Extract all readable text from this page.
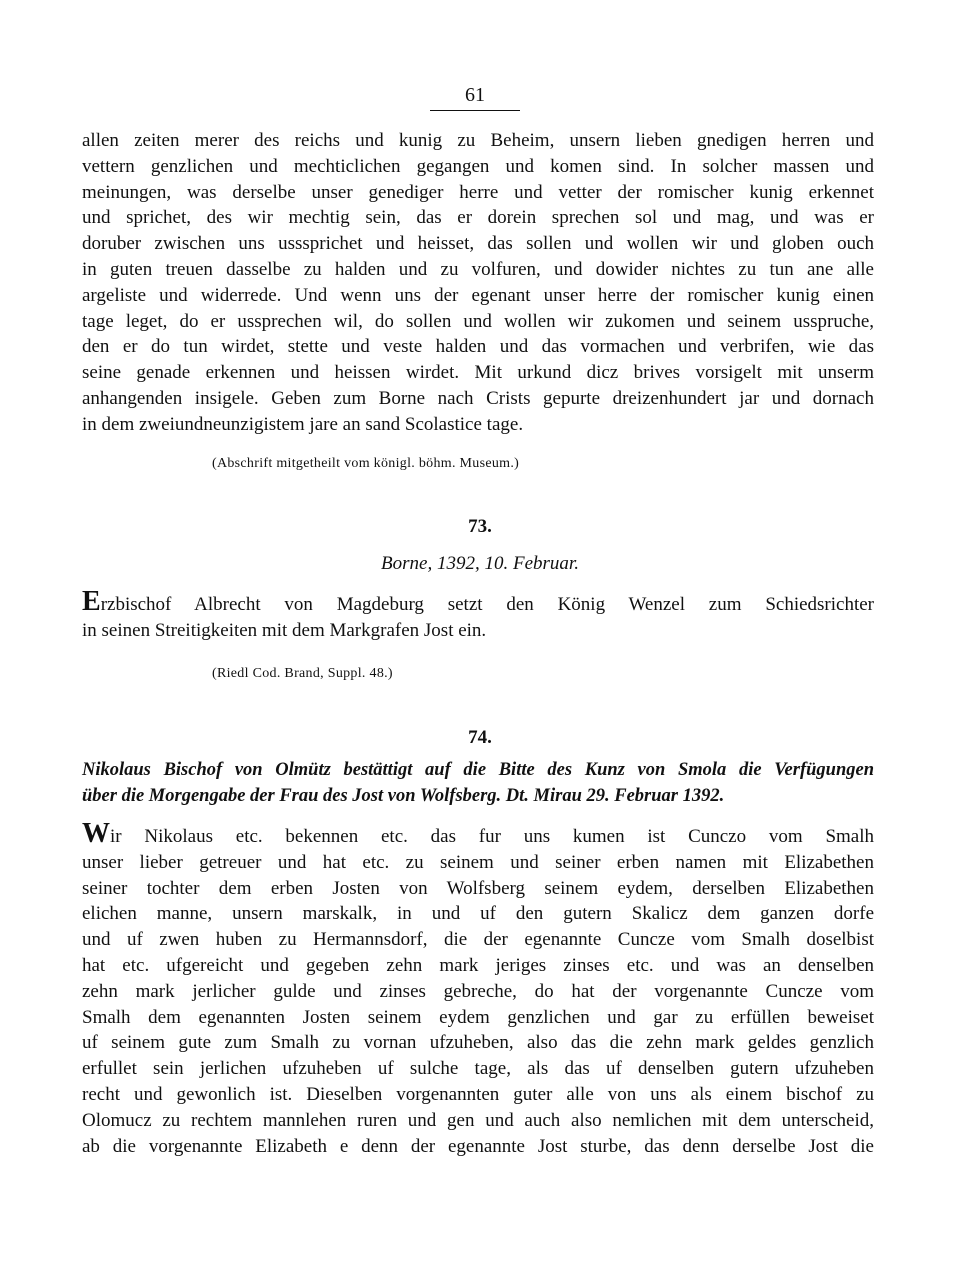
61
allen zeiten merer des reichs und kunig zu Beheim, unsern lieben gnedigen herren und
vettern genzlichen und mechticlichen gegangen und komen sind. In solcher massen und
meinungen, was derselbe unser genediger herre und vetter der romischer kunig erkennet
und sprichet, des wir mechtig sein, das er dorein sprechen sol und mag, und was er
doruber zwischen uns usssprichet und heisset, das sollen und wollen wir und globen ouch
in guten treuen dasselbe zu halden und zu volfuren, und dowider nichtes zu tun ane alle
argeliste und widerrede. Und wenn uns der egenant unser herre der romischer kunig einen
tage leget, do er ussprechen wil, do sollen und wollen wir zukomen und seinem usspruche,
den er do tun wirdet, stette und veste halden und das vormachen und verbrifen, wie das
seine genade erkennen und heissen wirdet. Mit urkund dicz brives vorsigelt mit unserm
anhangenden insigele. Geben zum Borne nach Crists gepurte dreizenhundert jar und dornach
in dem zweiundneunzigistem jare an sand Scolastice tage.
(Abschrift mitgetheilt vom königl. böhm. Museum.)
73.
Borne, 1392, 10. Februar.
Erzbischof Albrecht von Magdeburg setzt den König Wenzel zum Schiedsrichter
in seinen Streitigkeiten mit dem Markgrafen Jost ein.
(Riedl Cod. Brand, Suppl. 48.)
74.
Nikolaus Bischof von Olmütz bestättigt auf die Bitte des Kunz von Smola die Verfügungen
über die Morgengabe der Frau des Jost von Wolfsberg. Dt. Mirau 29. Februar 1392.
Wir Nikolaus etc. bekennen etc. das fur uns kumen ist Cunczo vom Smalh
unser lieber getreuer und hat etc. zu seinem und seiner erben namen mit Elizabethen
seiner tochter dem erben Josten von Wolfsberg seinem eydem, derselben Elizabethen
elichen manne, unsern marskalk, in und uf den gutern Skalicz dem ganzen dorfe
und uf zwen huben zu Hermannsdorf, die der egenannte Cuncze vom Smalh doselbist
hat etc. ufgereicht und gegeben zehn mark jeriges zinses etc. und was an denselben
zehn mark jerlicher gulde und zinses gebreche, do hat der vorgenannte Cuncze vom
Smalh dem egenannten Josten seinem eydem genzlichen und gar zu erfüllen beweiset
uf seinem gute zum Smalh zu vornan ufzuheben, also das die zehn mark geldes genzlich
erfullet sein jerlichen ufzuheben uf sulche tage, als das uf denselben gutern ufzuheben
recht und gewonlich ist. Dieselben vorgenannten guter alle von uns als einem bischof zu
Olomucz zu rechtem mannlehen ruren und gen und auch also nemlichen mit dem unterscheid,
ab die vorgenannte Elizabeth e denn der egenannte Jost sturbe, das denn derselbe Jost die
